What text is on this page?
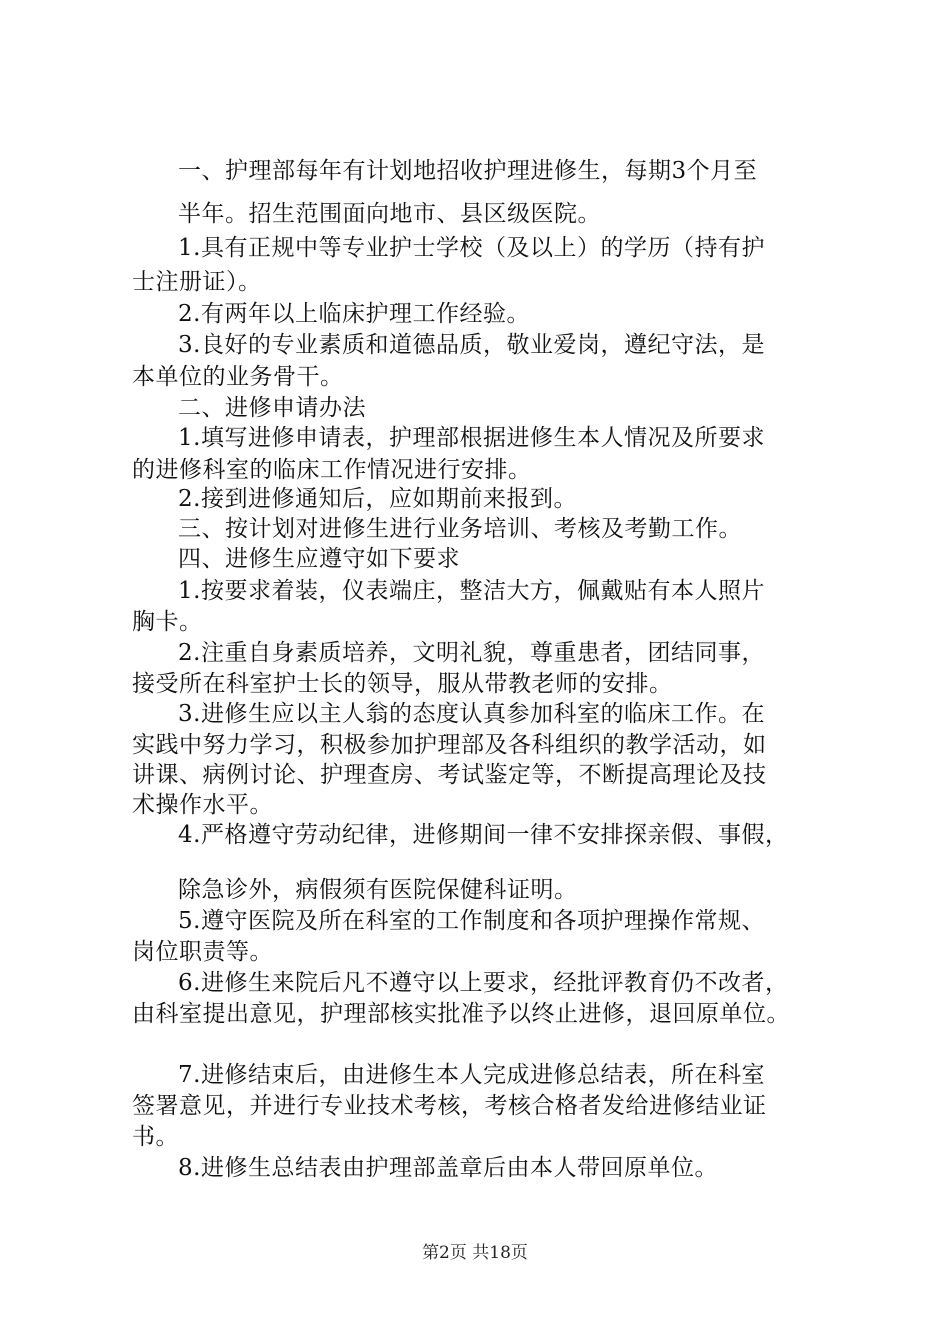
一、护理部每年有计划地招收护理进修生，每期3个月至
半年。招生范围面向地市、县区级医院。
1.具有正规中等专业护士学校（及以上）的学历（持有护
士注册证）。
2.有两年以上临床护理工作经验。
3.良好的专业素质和道德品质，敬业爱岗，遵纪守法，是
本单位的业务骨干。
二、进修申请办法
1.填写进修申请表，护理部根据进修生本人情况及所要求
的进修科室的临床工作情况进行安排。
2.接到进修通知后，应如期前来报到。
三、按计划对进修生进行业务培训、考核及考勤工作。
四、进修生应遵守如下要求
1.按要求着装，仪表端庄，整洁大方，佩戴贴有本人照片
胸卡。
2.注重自身素质培养，文明礼貌，尊重患者，团结同事，
接受所在科室护士长的领导，服从带教老师的安排。
3.进修生应以主人翁的态度认真参加科室的临床工作。在
实践中努力学习，积极参加护理部及各科组织的教学活动，如
讲课、病例讨论、护理查房、考试鉴定等，不断提高理论及技
术操作水平。
4.严格遵守劳动纪律，进修期间一律不安排探亲假、事假，
除急诊外，病假须有医院保健科证明。
5.遵守医院及所在科室的工作制度和各项护理操作常规、
岗位职责等。
6.进修生来院后凡不遵守以上要求，经批评教育仍不改者，
由科室提出意见，护理部核实批准予以终止进修，退回原单位。
7.进修结束后，由进修生本人完成进修总结表，所在科室
签署意见，并进行专业技术考核，考核合格者发给进修结业证
书。
8.进修生总结表由护理部盖章后由本人带回原单位。
第2页 共18页
